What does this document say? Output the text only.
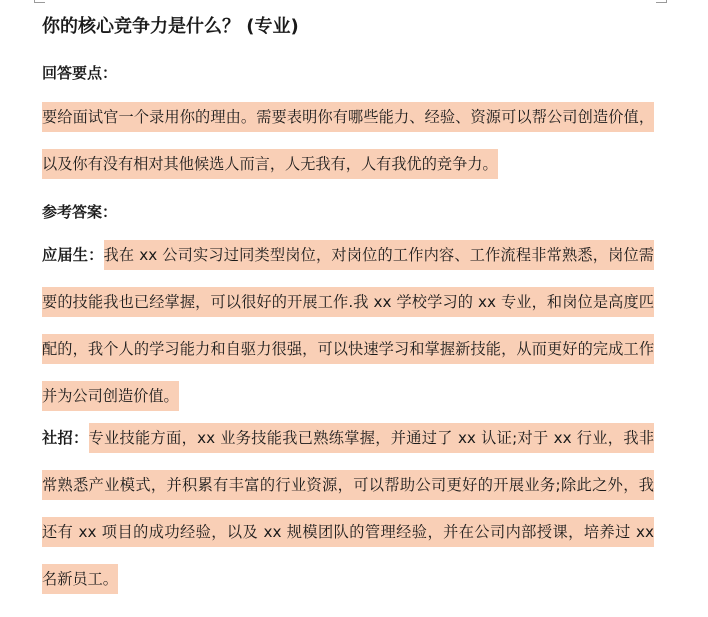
你的核心竞争力是什么？ (专业)
回答要点：
要给面试官一个录用你的理由。需要表明你有哪些能力、经验、资源可以帮公司创造价值，以及你有没有相对其他候选人而言，人无我有，人有我优的竞争力。
参考答案：
应届生：我在 xx 公司实习过同类型岗位，对岗位的工作内容、工作流程非常熟悉，岗位需要的技能我也已经掌握，可以很好的开展工作.我 xx 学校学习的 xx 专业，和岗位是高度匹配的，我个人的学习能力和自驱力很强，可以快速学习和掌握新技能，从而更好的完成工作并为公司创造价值。
社招：专业技能方面，xx 业务技能我已熟练掌握，并通过了 xx 认证;对于 xx 行业，我非常熟悉产业模式，并积累有丰富的行业资源，可以帮助公司更好的开展业务;除此之外，我还有 xx 项目的成功经验，以及 xx 规模团队的管理经验，并在公司内部授课，培养过 xx 名新员工。
